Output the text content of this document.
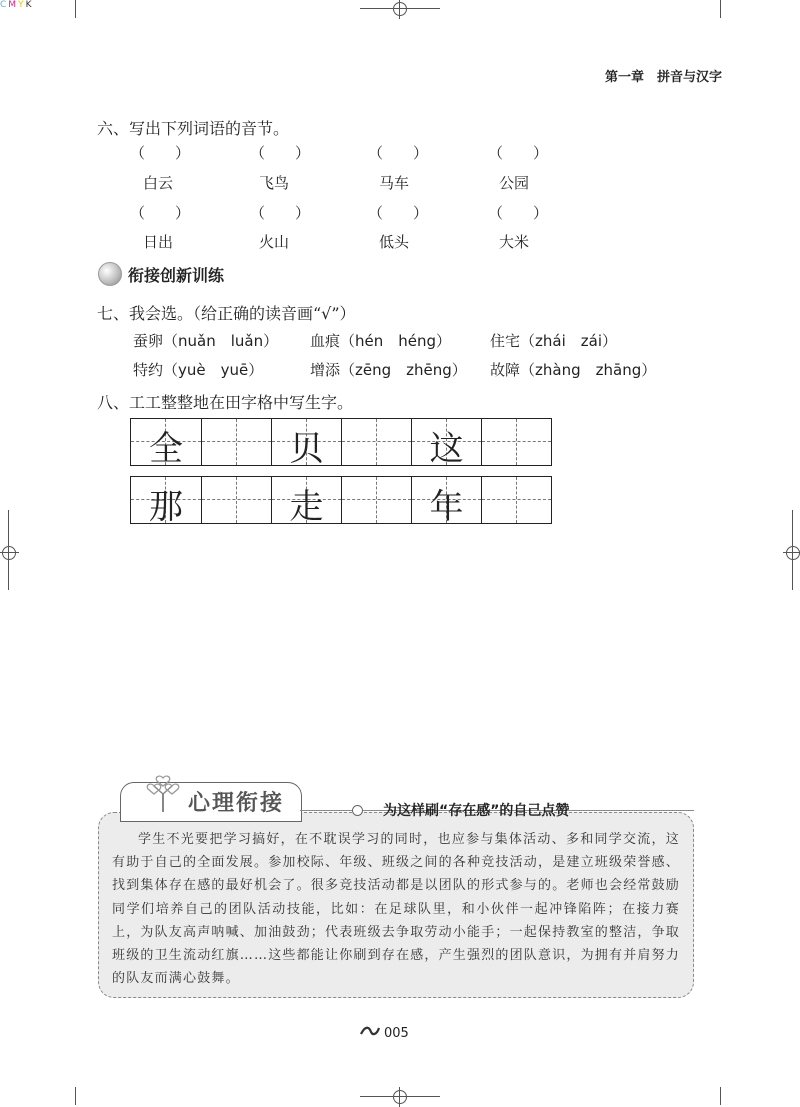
CMYK
第一章　拼音与汉字
六、写出下列词语的音节。
（　　）	（　　）	（　　）	（　　）
白云	飞鸟	马车	公园
（　　）	（　　）	（　　）	（　　）
日出	火山	低头	大米
衔接创新训练
七、我会选。（给正确的读音画“√”）
蚕卵（nuǎn　luǎn） 血痕（hén　héng）	住宅（zhái　zái）
特约（yuè　yuē）	增添（zēng　zhēng） 故障（zhàng　zhāng）
八、工工整整地在田字格中写生字。
全	贝	这
那	走	年
心理衔接	为这样刷“存在感”的自己点赞
学生不光要把学习搞好，在不耽误学习的同时，也应参与集体活动、多和同学交流，这有助于自己的全面发展。参加校际、年级、班级之间的各种竞技活动，是建立班级荣誉感、找到集体存在感的最好机会了。很多竞技活动都是以团队的形式参与的。老师也会经常鼓励同学们培养自己的团队活动技能，比如：在足球队里，和小伙伴一起冲锋陷阵；在接力赛上，为队友高声呐喊、加油鼓劲；代表班级去争取劳动小能手；一起保持教室的整洁，争取班级的卫生流动红旗……这些都能让你刷到存在感，产生强烈的团队意识，为拥有并肩努力的队友而满心鼓舞。
005
